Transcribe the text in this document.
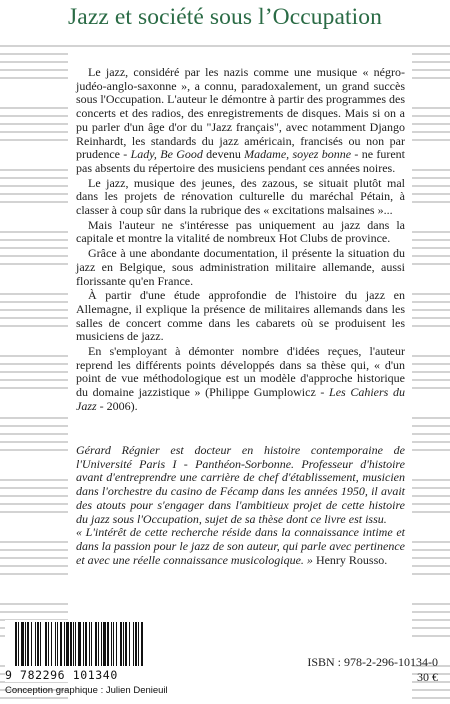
Jazz et société sous l’Occupation

Le jazz, considéré par les nazis comme une musique « négro-judéo-anglo-saxonne », a connu, paradoxalement, un grand succès sous l'Occupation. L'auteur le démontre à partir des programmes des concerts et des radios, des enregistrements de disques. Mais si on a pu parler d'un âge d'or du "Jazz français", avec notamment Django Reinhardt, les standards du jazz américain, francisés ou non par prudence - Lady, Be Good devenu Madame, soyez bonne - ne furent pas absents du répertoire des musiciens pendant ces années noires.

Le jazz, musique des jeunes, des zazous, se situait plutôt mal dans les projets de rénovation culturelle du maréchal Pétain, à classer à coup sûr dans la rubrique des « excitations malsaines »...

Mais l'auteur ne s'intéresse pas uniquement au jazz dans la capitale et montre la vitalité de nombreux Hot Clubs de province.

Grâce à une abondante documentation, il présente la situation du jazz en Belgique, sous administration militaire allemande, aussi florissante qu'en France.

À partir d'une étude approfondie de l'histoire du jazz en Allemagne, il explique la présence de militaires allemands dans les salles de concert comme dans les cabarets où se produisent les musiciens de jazz.

En s'employant à démonter nombre d'idées reçues, l'auteur reprend les différents points développés dans sa thèse qui, « d'un point de vue méthodologique est un modèle d'approche historique du domaine jazzistique » (Philippe Gumplowicz - Les Cahiers du Jazz - 2006).

Gérard Régnier est docteur en histoire contemporaine de l'Université Paris I - Panthéon-Sorbonne. Professeur d'histoire avant d'entreprendre une carrière de chef d'établissement, musicien dans l'orchestre du casino de Fécamp dans les années 1950, il avait des atouts pour s'engager dans l'ambitieux projet de cette histoire du jazz sous l'Occupation, sujet de sa thèse dont ce livre est issu.

« L'intérêt de cette recherche réside dans la connaissance intime et dans la passion pour le jazz de son auteur, qui parle avec pertinence et avec une réelle connaissance musicologique. » Henry Rousso.

9 782296 101340
ISBN : 978-2-296-10134-0
30 €
Conception graphique : Julien Denieuil
